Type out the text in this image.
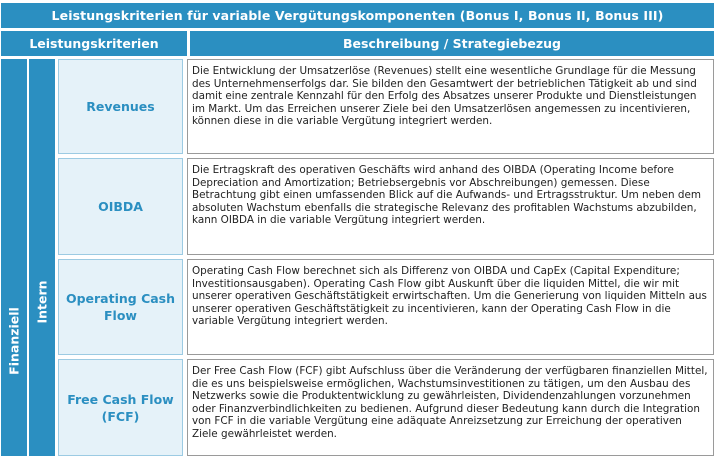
Leistungskriterien für variable Vergütungskomponenten (Bonus I, Bonus II, Bonus III)
Leistungskriterien	Beschreibung / Strategiebezug
Finanziell
Intern
Revenues
Die Entwicklung der Umsatzerlöse (Revenues) stellt eine wesentliche Grundlage für die Messung des Unternehmenserfolgs dar. Sie bilden den Gesamtwert der betrieblichen Tätigkeit ab und sind damit eine zentrale Kennzahl für den Erfolg des Absatzes unserer Produkte und Dienstleistungen im Markt. Um das Erreichen unserer Ziele bei den Umsatzerlösen angemessen zu incentivieren, können diese in die variable Vergütung integriert werden.
OIBDA
Die Ertragskraft des operativen Geschäfts wird anhand des OIBDA (Operating Income before Depreciation and Amortization; Betriebsergebnis vor Abschreibungen) gemessen. Diese Betrachtung gibt einen umfassenden Blick auf die Aufwands- und Ertragsstruktur. Um neben dem absoluten Wachstum ebenfalls die strategische Relevanz des profitablen Wachstums abzubilden, kann OIBDA in die variable Vergütung integriert werden.
Operating Cash Flow
Operating Cash Flow berechnet sich als Differenz von OIBDA und CapEx (Capital Expenditure; Investitionsausgaben). Operating Cash Flow gibt Auskunft über die liquiden Mittel, die wir mit unserer operativen Geschäftstätigkeit erwirtschaften. Um die Generierung von liquiden Mitteln aus unserer operativen Geschäftstätigkeit zu incentivieren, kann der Operating Cash Flow in die variable Vergütung integriert werden.
Free Cash Flow (FCF)
Der Free Cash Flow (FCF) gibt Aufschluss über die Veränderung der verfügbaren finanziellen Mittel, die es uns beispielsweise ermöglichen, Wachstumsinvestitionen zu tätigen, um den Ausbau des Netzwerks sowie die Produktentwicklung zu gewährleisten, Dividendenzahlungen vorzunehmen oder Finanzverbindlichkeiten zu bedienen. Aufgrund dieser Bedeutung kann durch die Integration von FCF in die variable Vergütung eine adäquate Anreizsetzung zur Erreichung der operativen Ziele gewährleistet werden.
